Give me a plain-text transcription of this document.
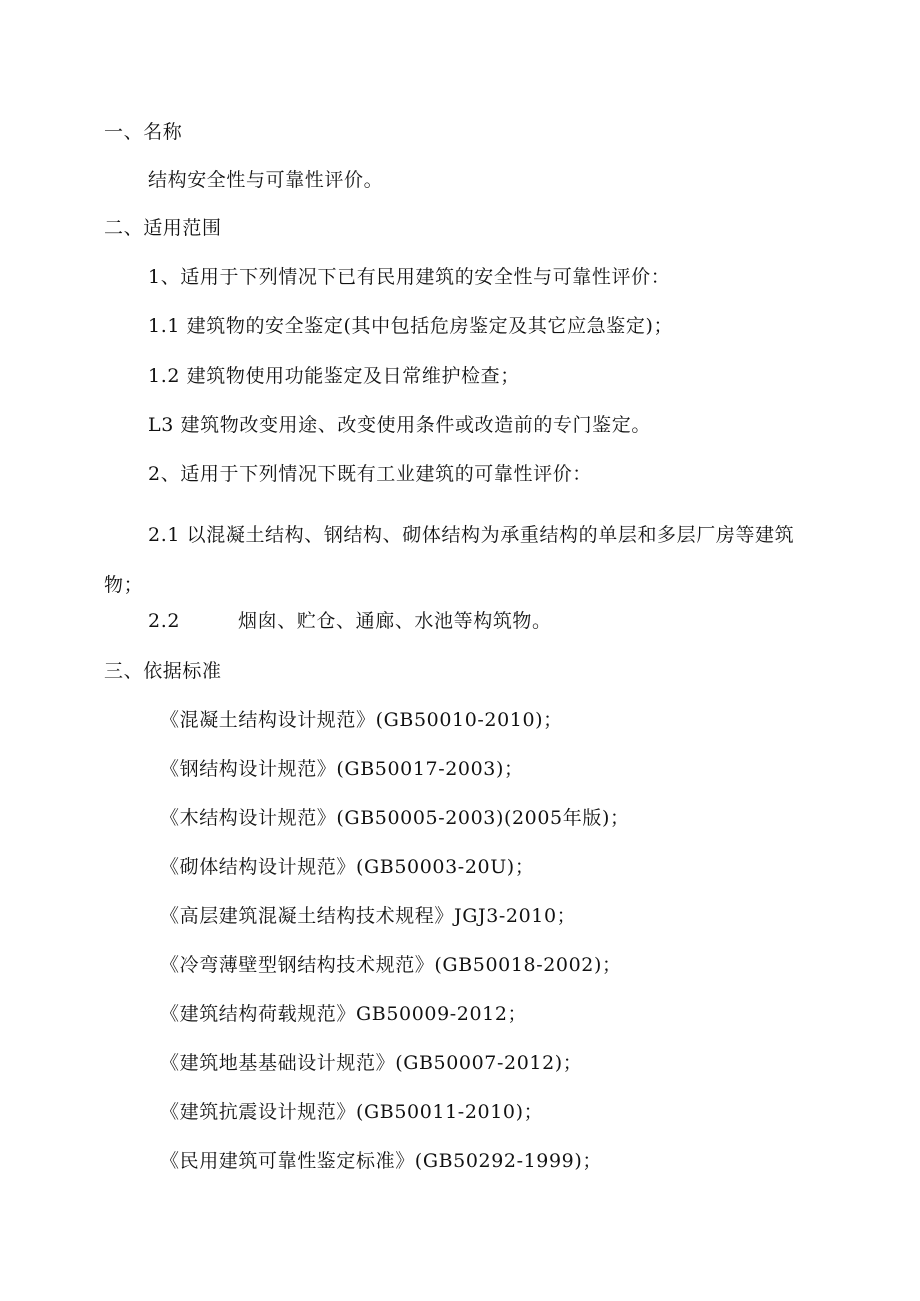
一、名称
结构安全性与可靠性评价。
二、适用范围
1、适用于下列情况下已有民用建筑的安全性与可靠性评价：
1.1 建筑物的安全鉴定(其中包括危房鉴定及其它应急鉴定)；
1.2 建筑物使用功能鉴定及日常维护检查；
L3 建筑物改变用途、改变使用条件或改造前的专门鉴定。
2、适用于下列情况下既有工业建筑的可靠性评价：
2.1 以混凝土结构、钢结构、砌体结构为承重结构的单层和多层厂房等建筑物；
2.2	烟囱、贮仓、通廊、水池等构筑物。
三、依据标准
《混凝土结构设计规范》(GB50010-2010)；
《钢结构设计规范》(GB50017-2003)；
《木结构设计规范》(GB50005-2003)(2005年版)；
《砌体结构设计规范》(GB50003-20U)；
《高层建筑混凝土结构技术规程》JGJ3-2010；
《冷弯薄壁型钢结构技术规范》(GB50018-2002)；
《建筑结构荷载规范》GB50009-2012；
《建筑地基基础设计规范》(GB50007-2012)；
《建筑抗震设计规范》(GB50011-2010)；
《民用建筑可靠性鉴定标准》(GB50292-1999)；
